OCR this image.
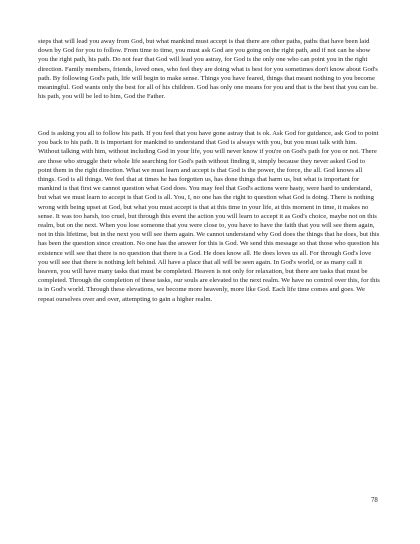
steps that will lead you away from God, but what mankind must accept is that there are other paths, paths that have been laid down by God for you to follow. From time to time, you must ask God are you going on the right path, and if not can he show you the right path, his path. Do not fear that God will lead you astray, for God is the only one who can point you in the right direction. Family members, friends, loved ones, who feel they are doing what is best for you sometimes don't know about God's path. By following God's path, life will begin to make sense. Things you have feared, things that meant nothing to you become meaningful. God wants only the best for all of his children. God has only one means for you and that is the best that you can be. his path, you will be led to him, God the Father.
God is asking you all to follow his path. If you feel that you have gone astray that is ok. Ask God for guidance, ask God to point you back to his path. It is important for mankind to understand that God is always with you, but you must talk with him. Without talking with him, without including God in your life, you will never know if you're on God's path for you or not. There are those who struggle their whole life searching for God's path without finding it, simply because they never asked God to point them in the right direction. What we must learn and accept is that God is the power, the force, the all. God knows all things. God is all things. We feel that at times he has forgotten us, has done things that harm us, but what is important for mankind is that first we cannot question what God does. You may feel that God's actions were hasty, were hard to understand, but what we must learn to accept is that God is all. You, I, no one has the right to question what God is doing. There is nothing wrong with being upset at God, but what you must accept is that at this time in your life, at this moment in time, it makes no sense. It was too harsh, too cruel, but through this event the action you will learn to accept it as God's choice, maybe not on this realm, but on the next. When you lose someone that you were close to, you have to have the faith that you will see them again, not in this lifetime, but in the next you will see them again. We cannot understand why God does the things that he does, but this has been the question since creation. No one has the answer for this is God. We send this message so that those who question his existence will see that there is no question that there is a God. He does know all. He does loves us all. For through God's love you will see that there is nothing left behind. All have a place that all will be seen again. In God's world, or as many call it heaven, you will have many tasks that must be completed. Heaven is not only for relaxation, but there are tasks that must be completed. Through the completion of these tasks, our souls are elevated to the next realm. We have no control over this, for this is in God's world. Through these elevations, we become more heavenly, more like God. Each life time comes and goes. We repeat ourselves over and over, attempting to gain a higher realm.
78
